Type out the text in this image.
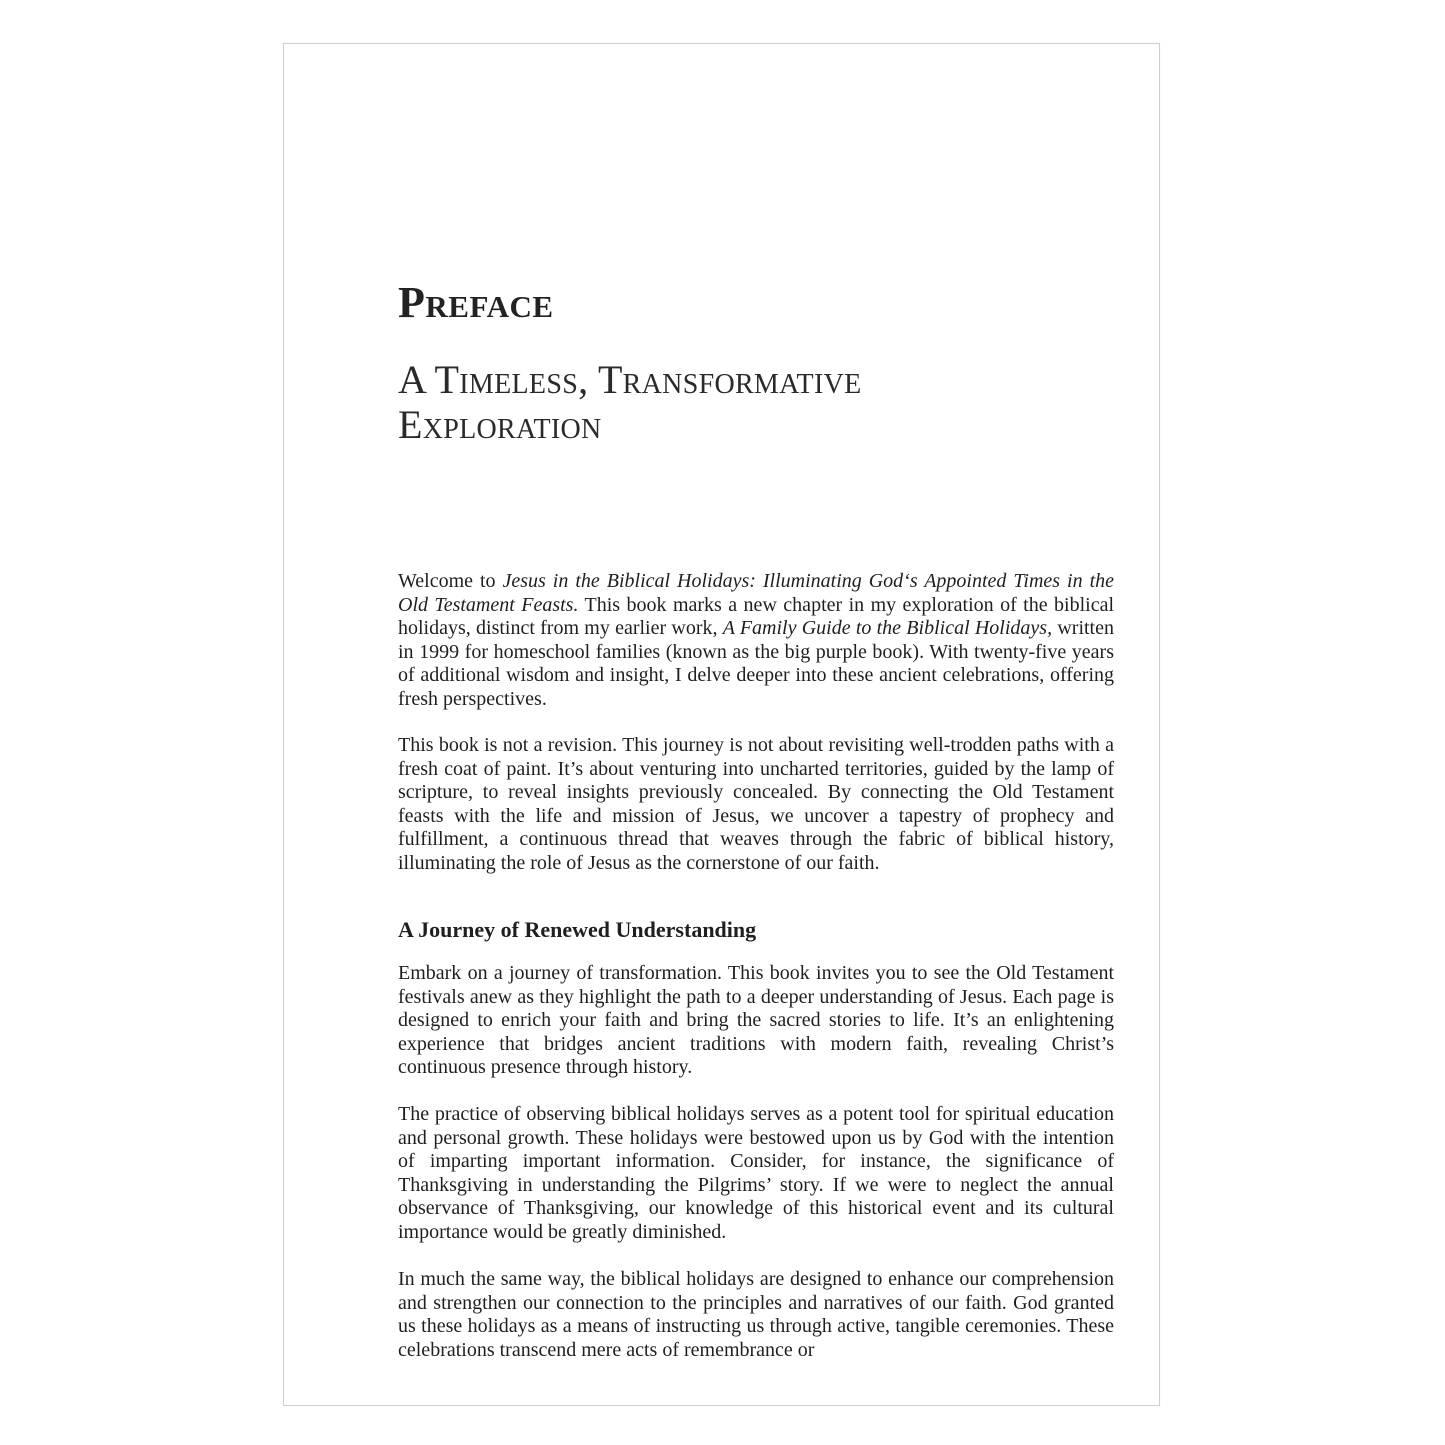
Preface
A Timeless, Transformative Exploration

Welcome to Jesus in the Biblical Holidays: Illuminating God‘s Appointed Times in the Old Testament Feasts. This book marks a new chapter in my exploration of the biblical holidays, distinct from my earlier work, A Family Guide to the Biblical Holidays, written in 1999 for homeschool families (known as the big purple book). With twenty-five years of additional wisdom and insight, I delve deeper into these ancient celebrations, offering fresh perspectives.

This book is not a revision. This journey is not about revisiting well-trodden paths with a fresh coat of paint. It’s about venturing into uncharted territories, guided by the lamp of scripture, to reveal insights previously concealed. By connecting the Old Testament feasts with the life and mission of Jesus, we uncover a tapestry of prophecy and fulfillment, a continuous thread that weaves through the fabric of biblical history, illuminating the role of Jesus as the cornerstone of our faith.

A Journey of Renewed Understanding

Embark on a journey of transformation. This book invites you to see the Old Testament festivals anew as they highlight the path to a deeper understanding of Jesus. Each page is designed to enrich your faith and bring the sacred stories to life. It’s an enlightening experience that bridges ancient traditions with modern faith, revealing Christ’s continuous presence through history.

The practice of observing biblical holidays serves as a potent tool for spiritual education and personal growth. These holidays were bestowed upon us by God with the intention of imparting important information. Consider, for instance, the significance of Thanksgiving in understanding the Pilgrims’ story. If we were to neglect the annual observance of Thanksgiving, our knowledge of this historical event and its cultural importance would be greatly diminished.

In much the same way, the biblical holidays are designed to enhance our comprehension and strengthen our connection to the principles and narratives of our faith. God granted us these holidays as a means of instructing us through active, tangible ceremonies. These celebrations transcend mere acts of remembrance or
